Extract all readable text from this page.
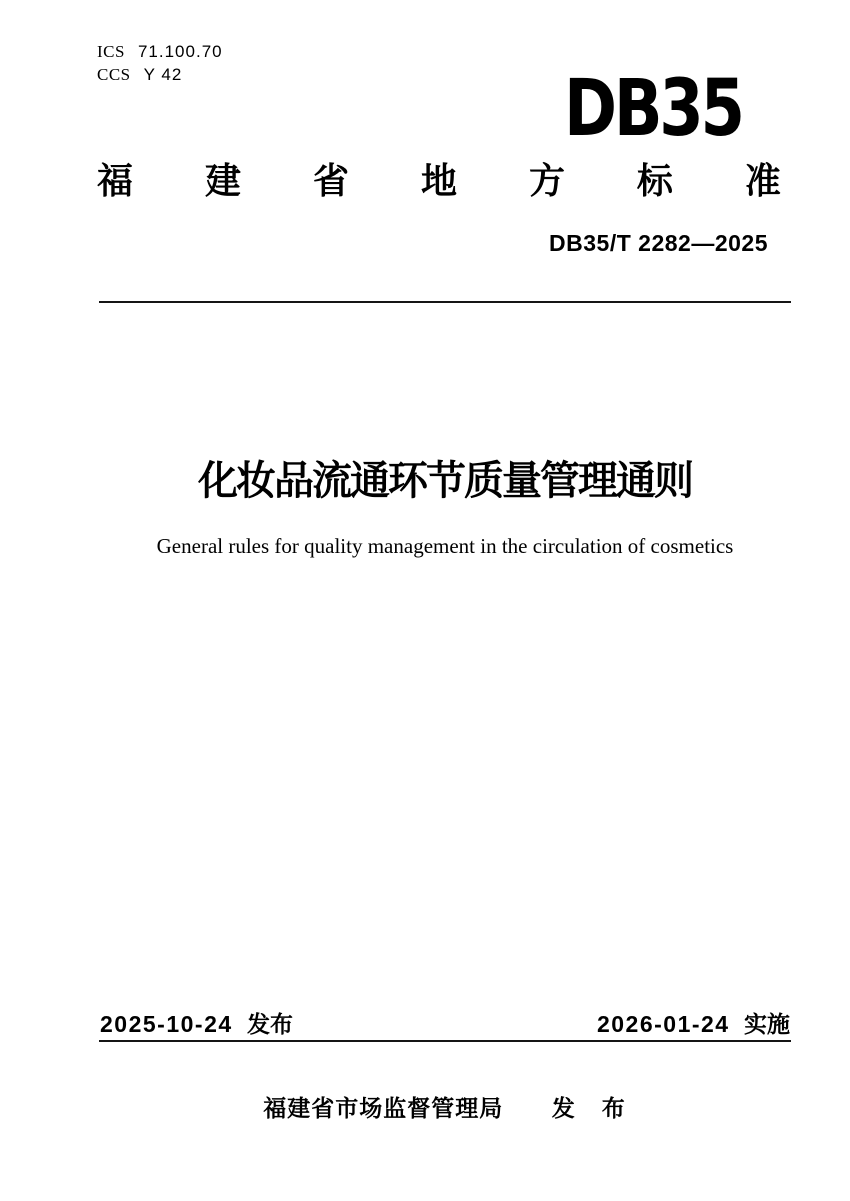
ICS 71.100.70
CCS Y 42	DB35
福 建 省 地 方 标 准
DB35/T 2282—2025
化妆品流通环节质量管理通则
General rules for quality management in the circulation of cosmetics
2025-10-24 发布	2026-01-24 实施
福建省市场监督管理局 发　布
